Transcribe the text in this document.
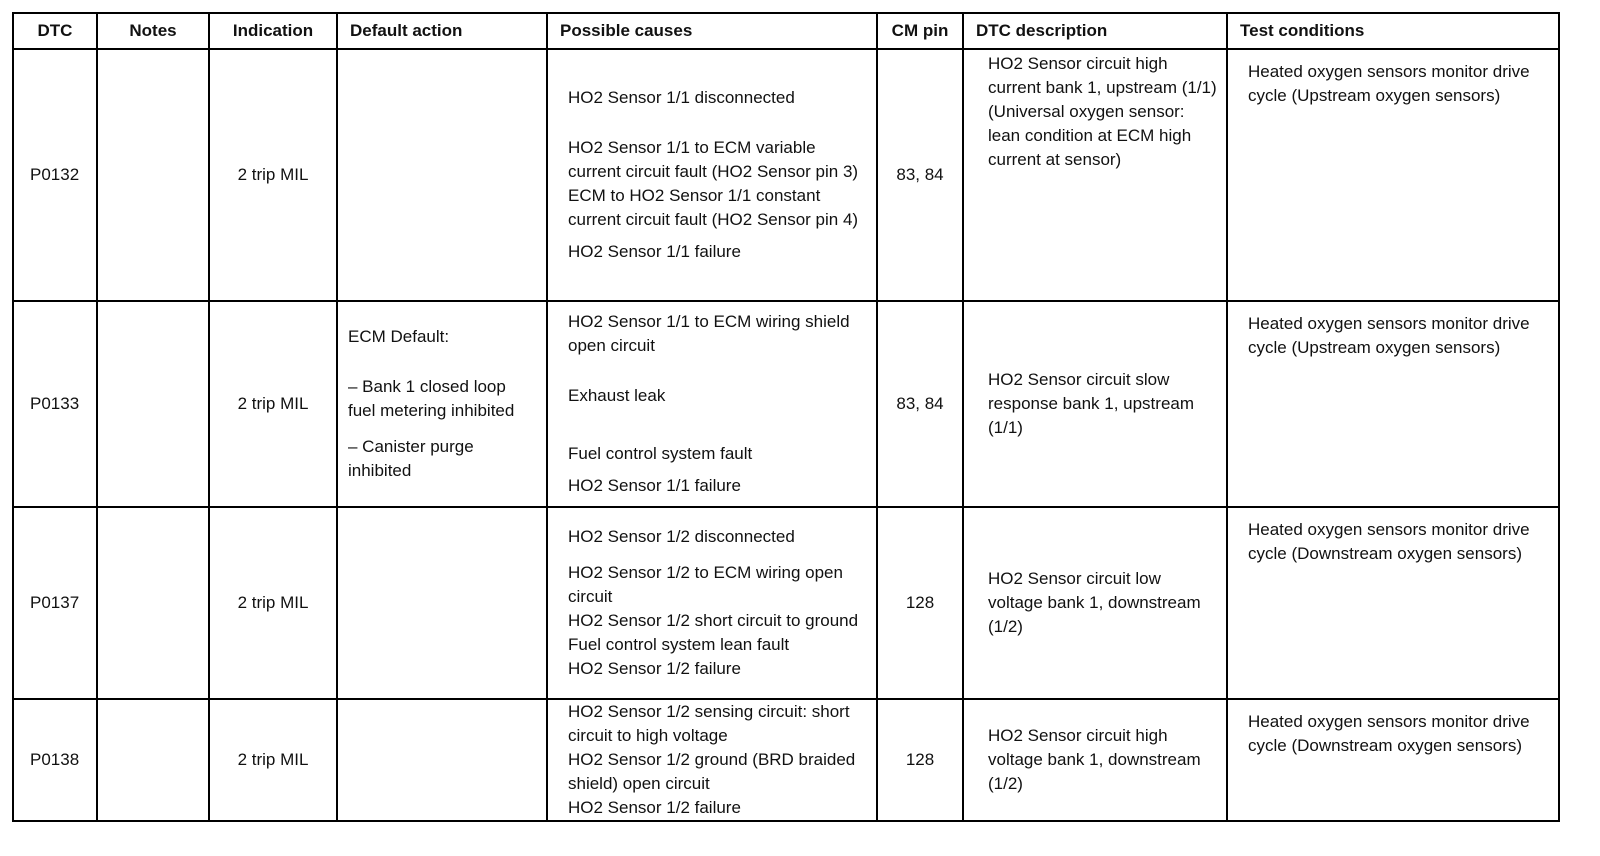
DTC	Notes	Indication	Default action	Possible causes	CM pin	DTC description	Test conditions
P0132		2 trip MIL		HO2 Sensor 1/1 disconnected
HO2 Sensor 1/1 to ECM variable current circuit fault (HO2 Sensor pin 3)
ECM to HO2 Sensor 1/1 constant current circuit fault (HO2 Sensor pin 4)
HO2 Sensor 1/1 failure	83, 84	HO2 Sensor circuit high current bank 1, upstream (1/1) (Universal oxygen sensor: lean condition at ECM high current at sensor)	Heated oxygen sensors monitor drive cycle (Upstream oxygen sensors)
P0133		2 trip MIL	ECM Default:
– Bank 1 closed loop fuel metering inhibited
– Canister purge inhibited	HO2 Sensor 1/1 to ECM wiring shield open circuit
Exhaust leak
Fuel control system fault
HO2 Sensor 1/1 failure	83, 84	HO2 Sensor circuit slow response bank 1, upstream (1/1)	Heated oxygen sensors monitor drive cycle (Upstream oxygen sensors)
P0137		2 trip MIL		HO2 Sensor 1/2 disconnected
HO2 Sensor 1/2 to ECM wiring open circuit
HO2 Sensor 1/2 short circuit to ground
Fuel control system lean fault
HO2 Sensor 1/2 failure	128	HO2 Sensor circuit low voltage bank 1, downstream (1/2)	Heated oxygen sensors monitor drive cycle (Downstream oxygen sensors)
P0138		2 trip MIL		HO2 Sensor 1/2 sensing circuit: short circuit to high voltage
HO2 Sensor 1/2 ground (BRD braided shield) open circuit
HO2 Sensor 1/2 failure	128	HO2 Sensor circuit high voltage bank 1, downstream (1/2)	Heated oxygen sensors monitor drive cycle (Downstream oxygen sensors)
